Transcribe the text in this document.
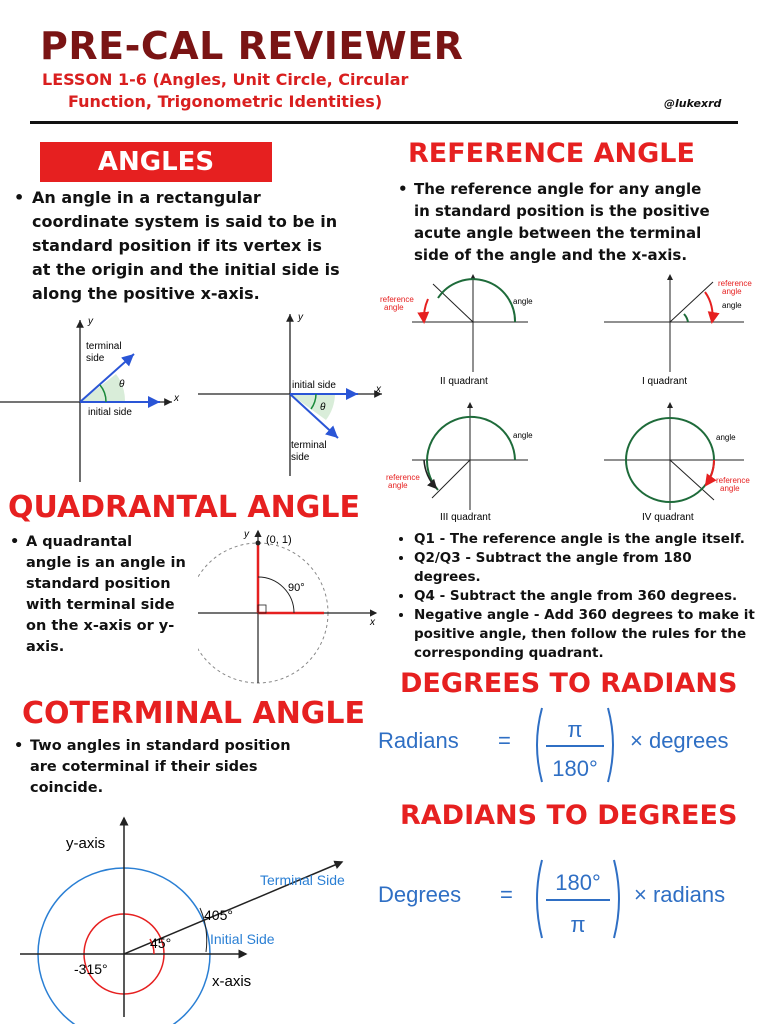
PRE-CAL REVIEWER
LESSON 1-6 (Angles, Unit Circle, Circular
Function, Trigonometric Identities)	@lukexrd
ANGLES
• An angle in a rectangular
coordinate system is said to be in
standard position if its vertex is
at the origin and the initial side is
along the positive x-axis.
y
x
terminal
side
θ
initial side
y
x
initial side
terminal
side
θ
REFERENCE ANGLE
• The reference angle for any angle
in standard position is the positive
acute angle between the terminal
side of the angle and the x-axis.
reference
angle
angle
II quadrant
reference
angle
angle
I quadrant
reference
angle
angle
III quadrant
angle
reference
angle
IV quadrant
• Q1 - The reference angle is the angle itself.
• Q2/Q3 - Subtract the angle from 180 degrees.
• Q4 - Subtract the angle from 360 degrees.
• Negative angle - Add 360 degrees to make it positive angle, then follow the rules for the corresponding quadrant.
QUADRANTAL ANGLE
• A quadrantal
angle is an angle in
standard position
with terminal side
on the x-axis or y-
axis.
y
x
(0, 1)
90°
COTERMINAL ANGLE
• Two angles in standard position
are coterminal if their sides
coincide.
y-axis
x-axis
Terminal Side
Initial Side
405°
45°
-315°
DEGREES TO RADIANS
Radians =	π
180°
× degrees
RADIANS TO DEGREES
Degrees = 180°
π
× radians
